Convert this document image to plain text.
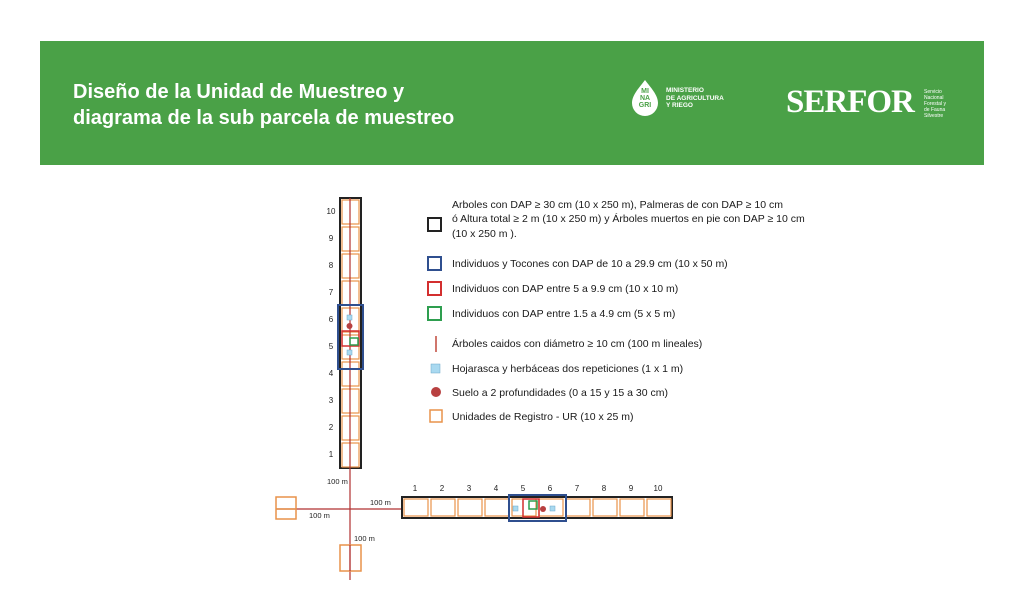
Diseño de la Unidad de Muestreo y
diagrama de la sub parcela de muestreo
MI
NA
GRI
MINISTERIO
DE AGRICULTURA
Y RIEGO	SERFOR Servicio
Nacional
Forestal y
de Fauna
Silvestre
10
9
8
7
6
5
4
3
2
1
100 m
100 m
100 m
100 m
1	2	3	4	5	6	7	8	9	10
Arboles con DAP ≥ 30 cm (10 x 250 m), Palmeras de con DAP ≥ 10 cm
ó Altura total ≥ 2 m (10 x 250 m) y Árboles muertos en pie con DAP ≥ 10 cm
(10 x 250 m ).
Individuos y Tocones con DAP de 10 a 29.9 cm (10 x 50 m)
Individuos con DAP entre 5 a 9.9 cm (10 x 10 m)
Individuos con DAP entre 1.5 a 4.9 cm (5 x 5 m)
Árboles caidos con diámetro ≥ 10 cm (100 m lineales)
Hojarasca y herbáceas dos repeticiones (1 x 1 m)
Suelo a 2 profundidades (0 a 15 y 15 a 30 cm)
Unidades de Registro - UR (10 x 25 m)
